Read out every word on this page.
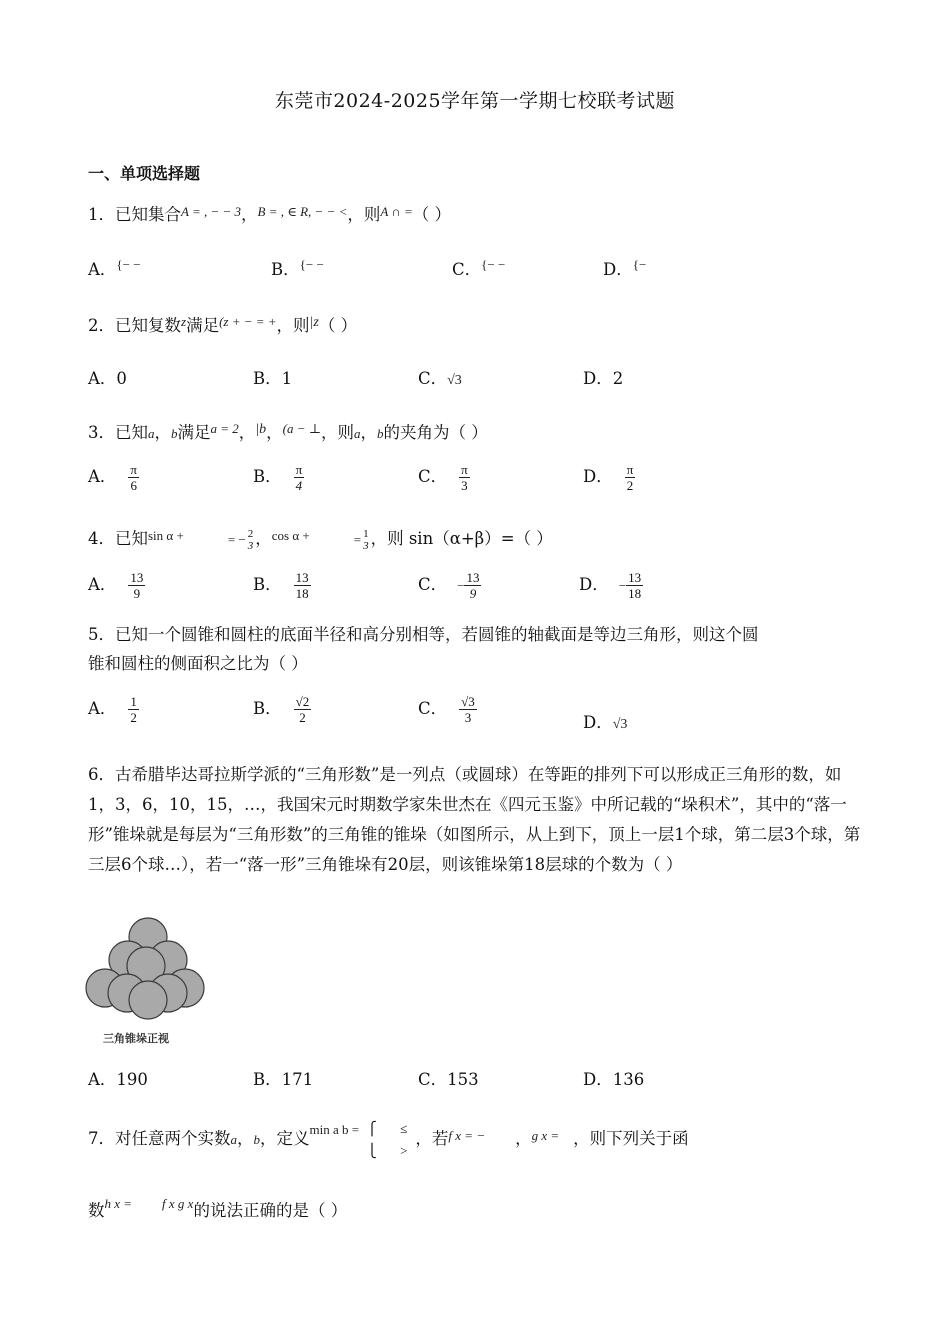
东莞市2024-2025学年第一学期七校联考试题
一、单项选择题
1．已知集合$^{A = , - - 3}$，$^{B = , \in R, - - <}$，则$^{A \cap =}$（ ）
A．{− −	B．{− −	C．{− −	D．{−
2．已知复数$^z$满足$^{(z + - = +}$，则$^{|z}$（ ）
A．0	B．1	C．√3	D．2
3．已知a，b满足$^{a = 2}$，$^{|b}$，$^{(a - \perp}$，则a，b的夹角为（ ）
A． $\frac{\pi}{6}$	B． $\frac{\pi}{4}$	C． $\frac{\pi}{3}$	D． $\frac{\pi}{2}$
4．已知$^{sin \alpha +}$	= − 2
3 ，$^{cos \alpha +}$	= 1
3 ，则 sin（α+β）=（ ）
A． $\frac{13}{9}$	B． $\frac{13}{18}$	C． − $\frac{13}{9}$	D． − $\frac{13}{18}$
5．已知一个圆锥和圆柱的底面半径和高分别相等，若圆锥的轴截面是等边三角形，则这个圆
锥和圆柱的侧面积之比为（ ）
A． $\frac{1}{2}$	B． $\frac{√2}{2}$	C． $\frac{√3}{3}$	D．√3
6．古希腊毕达哥拉斯学派的“三角形数”是一列点（或圆球）在等距的排列下可以形成正三角形的数，如1，3，6，10，15，…，我国宋元时期数学家朱世杰在《四元玉鉴》中所记载的“垛积术”，其中的“落一形”锥垛就是每层为“三角形数”的三角锥的锥垛（如图所示，从上到下，顶上一层1个球，第二层3个球，第三层6个球…），若一“落一形”三角锥垛有20层，则该锥垛第18层球的个数为（ ）
三角锥垛正视
A．190	B．171	C．153	D．136
7．对任意两个实数a，b，定义$^{min a b =}$ ⎧ ≤
⎩ >
，若$^{f x = -}$ ，$^{g x =}$ ，则下列关于函
数$^{h x =}$ $^{f x g x}$的说法正确的是（ ）
